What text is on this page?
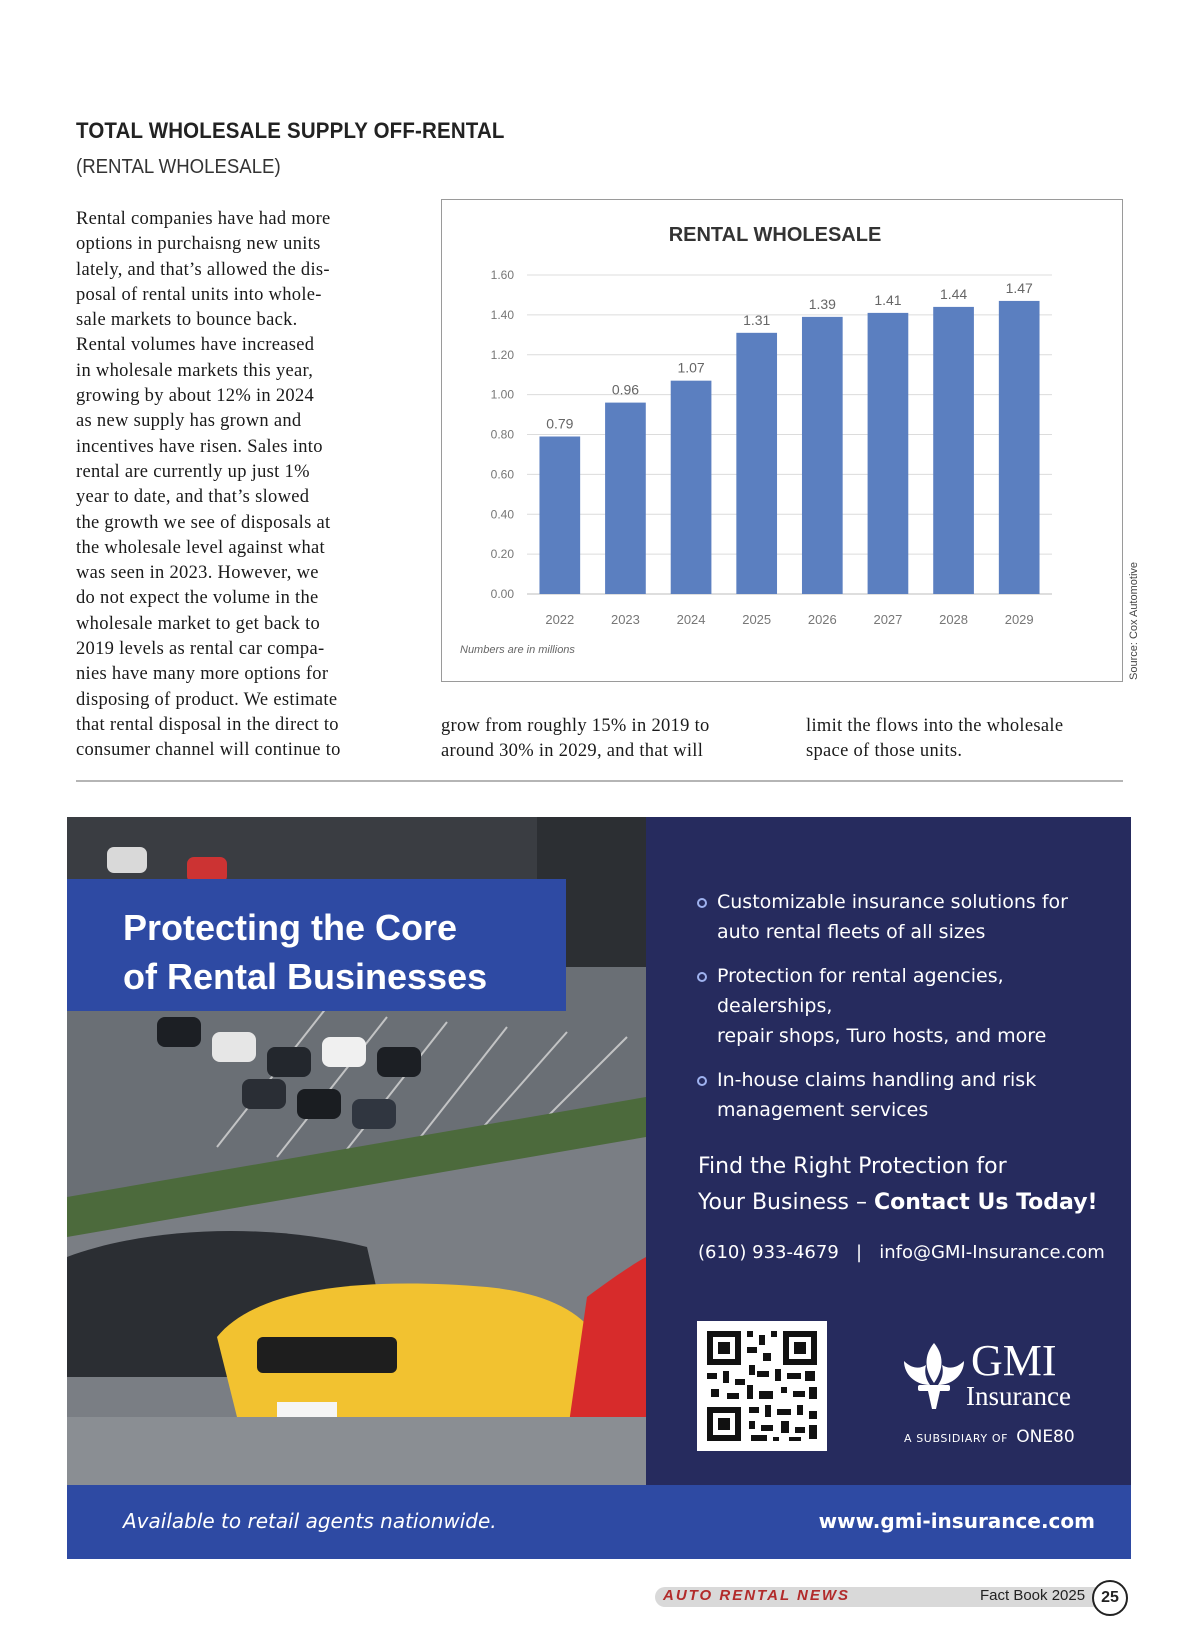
TOTAL WHOLESALE SUPPLY OFF-RENTAL
(RENTAL WHOLESALE)
Rental companies have had more
options in purchaisng new units
lately, and that’s allowed the dis-
posal of rental units into whole-
sale markets to bounce back.
Rental volumes have increased
in wholesale markets this year,
growing by about 12% in 2024
as new supply has grown and
incentives have risen. Sales into
rental are currently up just 1%
year to date, and that’s slowed
the growth we see of disposals at
the wholesale level against what
was seen in 2023. However, we
do not expect the volume in the
wholesale market to get back to
2019 levels as rental car compa-
nies have many more options for
disposing of product. We estimate
that rental disposal in the direct to
consumer channel will continue to
RENTAL WHOLESALE
0.00
0.20
0.40
0.60
0.80
1.00
1.20
1.40
1.60
0.79
2022
0.96
2023
1.07
2024
1.31
2025
1.39
2026
1.41
2027
1.44
2028
1.47
2029
Numbers are in millions	Source: Cox Automotive
grow from roughly 15% in 2019 to
around 30% in 2029, and that will
limit the flows into the wholesale
space of those units.
Protecting the Core
of Rental Businesses
Customizable insurance solutions for
auto rental fleets of all sizes
Protection for rental agencies, dealerships,
repair shops, Turo hosts, and more
In-house claims handling and risk
management services
Find the Right Protection for
Your Business – Contact Us Today!
(610) 933-4679 | info@GMI-Insurance.com
GMI
Insurance
A SUBSIDIARY OF ONE80
Available to retail agents nationwide.	www.gmi-insurance.com
AUTO RENTAL NEWS	Fact Book 2025	25
